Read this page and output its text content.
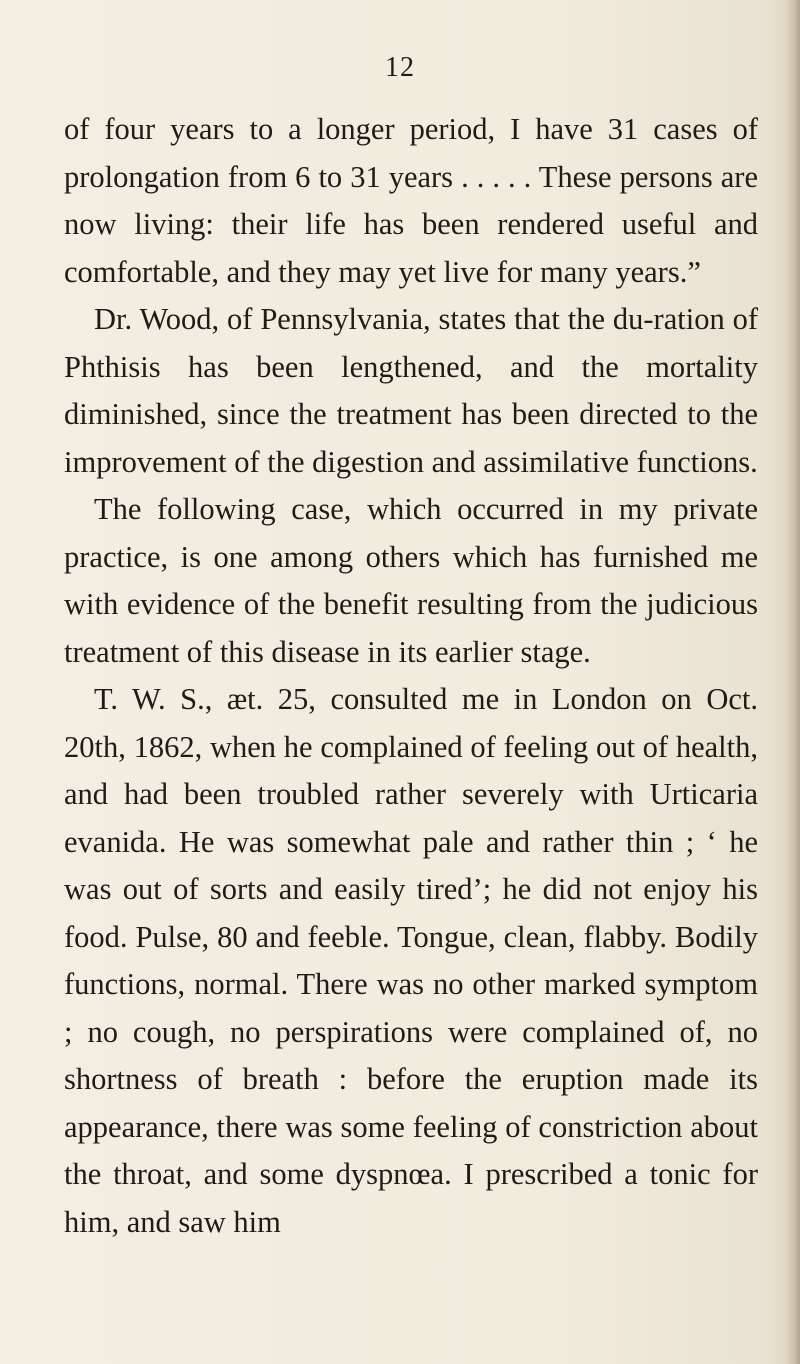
12

of four years to a longer period, I have 31 cases of prolongation from 6 to 31 years . . . . . These persons are now living: their life has been rendered useful and comfortable, and they may yet live for many years.”

Dr. Wood, of Pennsylvania, states that the du-ration of Phthisis has been lengthened, and the mortality diminished, since the treatment has been directed to the improvement of the digestion and assimilative functions.

The following case, which occurred in my private practice, is one among others which has furnished me with evidence of the benefit resulting from the judicious treatment of this disease in its earlier stage.

T. W. S., æt. 25, consulted me in London on Oct. 20th, 1862, when he complained of feeling out of health, and had been troubled rather severely with Urticaria evanida. He was somewhat pale and rather thin ; ‘ he was out of sorts and easily tired’; he did not enjoy his food. Pulse, 80 and feeble. Tongue, clean, flabby. Bodily functions, normal. There was no other marked symptom ; no cough, no perspirations were complained of, no shortness of breath : before the eruption made its appearance, there was some feeling of constriction about the throat, and some dyspnœa. I prescribed a tonic for him, and saw him
